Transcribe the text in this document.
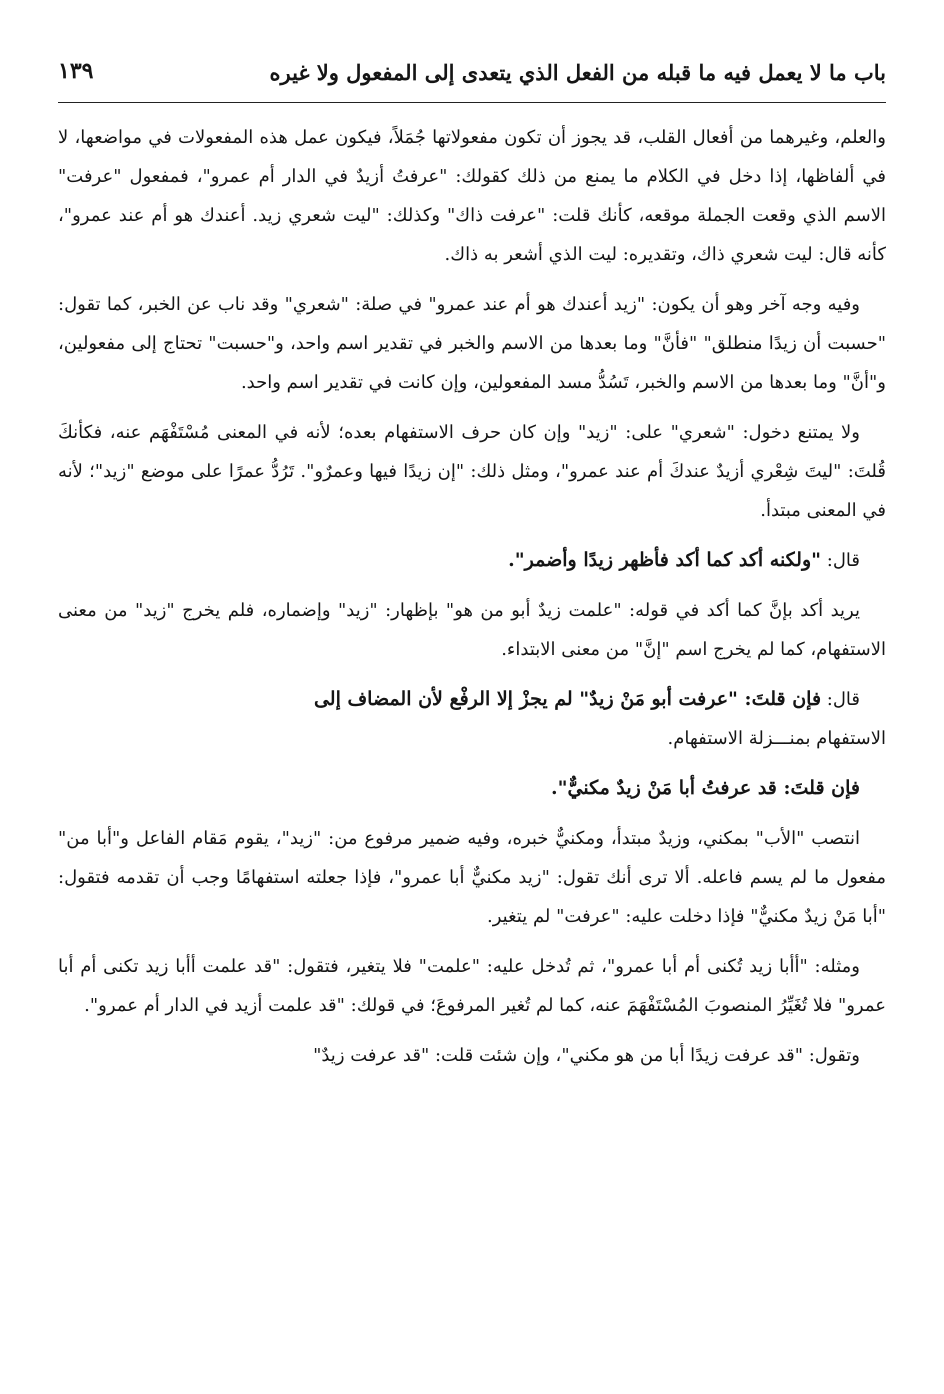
باب ما لا يعمل فيه ما قبله من الفعل الذي يتعدى إلى المفعول ولا غيره
١٣٩

والعلم، وغيرهما من أفعال القلب، قد يجوز أن تكون مفعولاتها جُمَلاً، فيكون عمل هذه المفعولات في مواضعها، لا في ألفاظها، إذا دخل في الكلام ما يمنع من ذلك كقولك: "عرفتُ أزيدٌ في الدار أم عمرو"، فمفعول "عرفت" الاسم الذي وقعت الجملة موقعه، كأنك قلت: "عرفت ذاك" وكذلك: "ليت شعري زيد. أعندك هو أم عند عمرو"، كأنه قال: ليت شعري ذاك، وتقديره: ليت الذي أشعر به ذاك.

وفيه وجه آخر وهو أن يكون: "زيد أعندك هو أم عند عمرو" في صلة: "شعري" وقد ناب عن الخبر، كما تقول: "حسبت أن زيدًا منطلق" "فأنَّ" وما بعدها من الاسم والخبر في تقدير اسم واحد، و"حسبت" تحتاج إلى مفعولين، و"أنَّ" وما بعدها من الاسم والخبر، تَسُدُّ مسد المفعولين، وإن كانت في تقدير اسم واحد.

ولا يمتنع دخول: "شعري" على: "زيد" وإن كان حرف الاستفهام بعده؛ لأنه في المعنى مُسْتَفْهَم عنه، فكأنكَ قُلتَ: "ليتَ شِعْري أزيدٌ عندكَ أم عند عمرو"، ومثل ذلك: "إن زيدًا فيها وعمرٌو". تَرُدُّ عمرًا على موضع "زيد"؛ لأنه في المعنى مبتدأ.

قال: "ولكنه أكد كما أكد فأظهر زيدًا وأضمر".

يريد أكد بإنَّ كما أكد في قوله: "علمت زيدٌ أبو من هو" بإظهار: "زيد" وإضماره، فلم يخرج "زيد" من معنى الاستفهام، كما لم يخرج اسم "إنَّ" من معنى الابتداء.

قال: فإن قلتَ: "عرفت أبو مَنْ زيدٌ" لم يجزْ إلا الرفْع لأن المضاف إلى

الاستفهام بمنـــزلة الاستفهام.

فإن قلتَ: قد عرفتُ أبا مَنْ زيدٌ مكنيٌّ".

انتصب "الأب" بمكني، وزيدٌ مبتدأ، ومكنيٌّ خبره، وفيه ضمير مرفوع من: "زيد"، يقوم مَقام الفاعل و"أبا من" مفعول ما لم يسم فاعله. ألا ترى أنك تقول: "زيد مكنيٌّ أبا عمرو"، فإذا جعلته استفهامًا وجب أن تقدمه فتقول: "أبا مَنْ زيدٌ مكنيٌّ" فإذا دخلت عليه: "عرفت" لم يتغير.

ومثله: "أأبا زيد تُكنى أم أبا عمرو"، ثم تُدخل عليه: "علمت" فلا يتغير، فتقول: "قد علمت أأبا زيد تكنى أم أبا عمرو" فلا تُغَيِّرُ المنصوبَ المُسْتَفْهَمَ عنه، كما لم تُغير المرفوعَ؛ في قولك: "قد علمت أزيد في الدار أم عمرو".

وتقول: "قد عرفت زيدًا أبا من هو مكني"، وإن شئت قلت: "قد عرفت زيدٌ"
